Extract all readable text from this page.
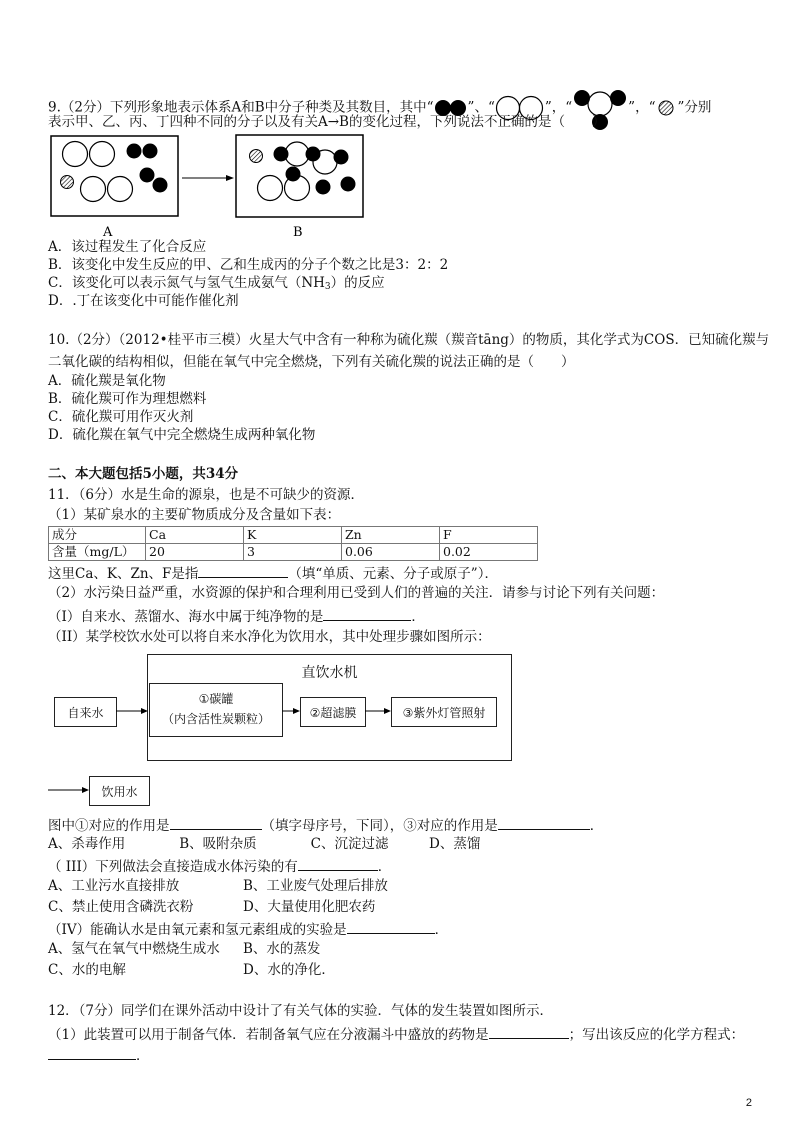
9.（2分）下列形象地表示体系A和B中分子种类及其数目，其中“	”、“	”，“	”，“ ”分别
表示甲、乙、丙、丁四种不同的分子以及有关A→B的变化过程，下列说法不正确的是（　　）
A	B
A．该过程发生了化合反应
B．该变化中发生反应的甲、乙和生成丙的分子个数之比是3：2：2
C．该变化可以表示氮气与氢气生成氨气$(NH_3)$的反应
D．.丁在该变化中可能作催化剂
10.（2分）（2012•桂平市三模）火星大气中含有一种称为硫化羰（羰音tāng）的物质，其化学式为COS．已知硫化羰与
二氧化碳的结构相似，但能在氧气中完全燃烧，下列有关硫化羰的说法正确的是（　　）
A．硫化羰是氧化物
B．硫化羰可作为理想燃料
C．硫化羰可用作灭火剂
D．硫化羰在氧气中完全燃烧生成两种氧化物
二、本大题包括5小题，共34分
11．（6分）水是生命的源泉，也是不可缺少的资源．
（1）某矿泉水的主要矿物质成分及含量如下表：
成分	Ca	K	Zn	F
含量（mg/L）	20	3	0.06	0.02
这里Ca、K、Zn、F是指	（填“单质、元素、分子或原子”）．
（2）水污染日益严重，水资源的保护和合理利用已受到人们的普遍的关注．请参与讨论下列有关问题：
（I）自来水、蒸馏水、海水中属于纯净物的是	．
（II）某学校饮水处可以将自来水净化为饮用水，其中处理步骤如图所示：
直饮水机
自来水
①碳罐
（内含活性炭颗粒）	②超滤膜	③紫外灯管照射
饮用水
图中①对应的作用是	（填字母序号，下同），③对应的作用是	．
A、杀毒作用　　　　B、吸附杂质　　　　C、沉淀过滤　　　D、蒸馏
（ III）下列做法会直接造成水体污染的有	．
A、工业污水直接排放	B、工业废气处理后排放
C、禁止使用含磷洗衣粉	D、大量使用化肥农药
（IV）能确认水是由氧元素和氢元素组成的实验是	．
A、氢气在氧气中燃烧生成水 B、水的蒸发
C、水的电解	D、水的净化．
12．（7分）同学们在课外活动中设计了有关气体的实验．气体的发生装置如图所示．
（1）此装置可以用于制备气体．若制备氧气应在分液漏斗中盛放的药物是	；写出该反应的化学方程式：
．
2
